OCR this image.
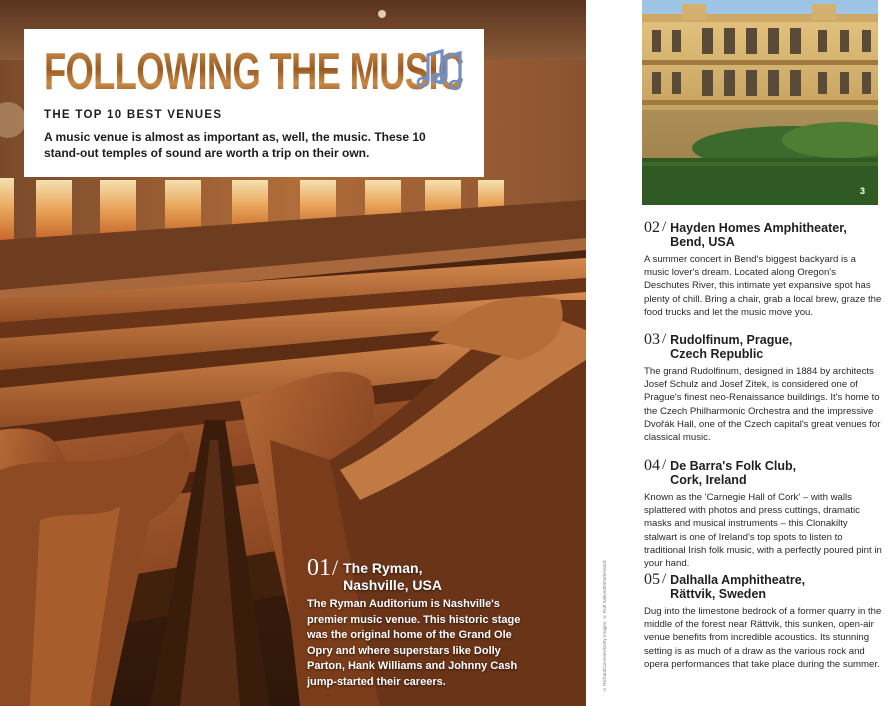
FOLLOWING THE MUSIC
THE TOP 10 BEST VENUES
A music venue is almost as important as, well, the music. These 10 stand-out temples of sound are worth a trip on their own.
01 / The Ryman,
Nashville, USA
The Ryman Auditorium is Nashville's premier music venue. This historic stage was the original home of the Grand Ole Opry and where superstars like Dolly Parton, Hank Williams and Johnny Cash jump-started their careers.	© RichardCummins/Getty Images; © Rolf Saltvedt/Shutterstock
3
02 / Hayden Homes Amphitheater,
Bend, USA
A summer concert in Bend's biggest backyard is a music lover's dream. Located along Oregon's Deschutes River, this intimate yet expansive spot has plenty of chill. Bring a chair, grab a local brew, graze the food trucks and let the music move you.
03 / Rudolfinum, Prague,
Czech Republic
The grand Rudolfinum, designed in 1884 by architects Josef Schulz and Josef Zítek, is considered one of Prague's finest neo-Renaissance buildings. It's home to the Czech Philharmonic Orchestra and the impressive Dvořák Hall, one of the Czech capital's great venues for classical music.
04 / De Barra's Folk Club,
Cork, Ireland
Known as the 'Carnegie Hall of Cork' – with walls splattered with photos and press cuttings, dramatic masks and musical instruments – this Clonakilty stalwart is one of Ireland's top spots to listen to traditional Irish folk music, with a perfectly poured pint in your hand.
05 / Dalhalla Amphitheatre,
Rättvik, Sweden
Dug into the limestone bedrock of a former quarry in the middle of the forest near Rättvik, this sunken, open-air venue benefits from incredible acoustics. Its stunning setting is as much of a draw as the various rock and opera performances that take place during the summer.
